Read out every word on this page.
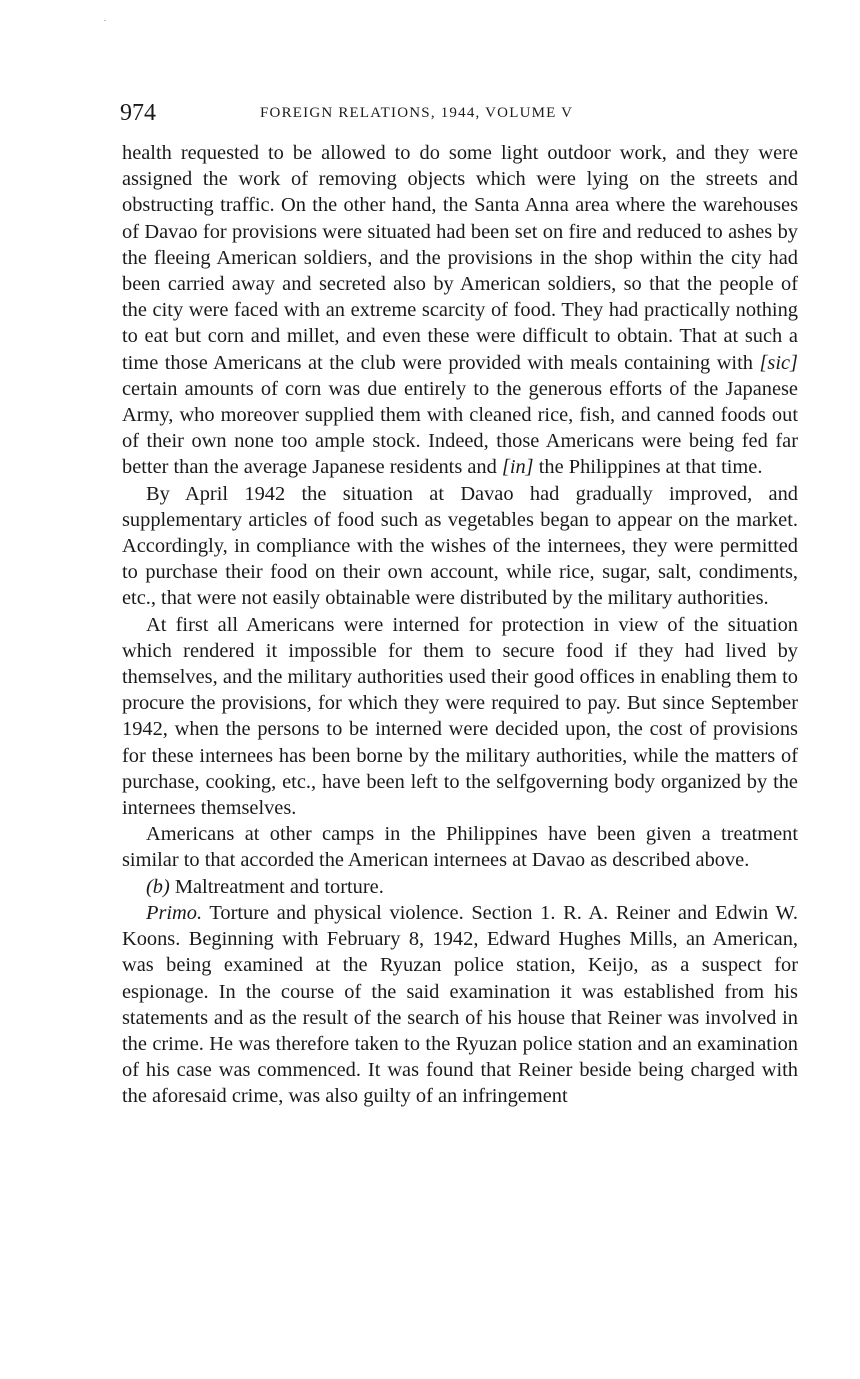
974	FOREIGN RELATIONS, 1944, VOLUME V

health requested to be allowed to do some light outdoor work, and they were assigned the work of removing objects which were lying on the streets and obstructing traffic. On the other hand, the Santa Anna area where the warehouses of Davao for provisions were situated had been set on fire and reduced to ashes by the fleeing American soldiers, and the provisions in the shop within the city had been carried away and secreted also by American soldiers, so that the people of the city were faced with an extreme scarcity of food. They had practically nothing to eat but corn and millet, and even these were difficult to obtain. That at such a time those Americans at the club were provided with meals containing with [sic] certain amounts of corn was due entirely to the generous efforts of the Japanese Army, who moreover supplied them with cleaned rice, fish, and canned foods out of their own none too ample stock. Indeed, those Americans were being fed far better than the average Japanese residents and [in] the Philippines at that time.

By April 1942 the situation at Davao had gradually improved, and supplementary articles of food such as vegetables began to appear on the market. Accordingly, in compliance with the wishes of the internees, they were permitted to purchase their food on their own account, while rice, sugar, salt, condiments, etc., that were not easily obtainable were distributed by the military authorities.

At first all Americans were interned for protection in view of the situation which rendered it impossible for them to secure food if they had lived by themselves, and the military authorities used their good offices in enabling them to procure the provisions, for which they were required to pay. But since September 1942, when the persons to be interned were decided upon, the cost of provisions for these internees has been borne by the military authorities, while the matters of purchase, cooking, etc., have been left to the selfgoverning body organized by the internees themselves.

Americans at other camps in the Philippines have been given a treatment similar to that accorded the American internees at Davao as described above.

(b) Maltreatment and torture.

Primo. Torture and physical violence. Section 1. R. A. Reiner and Edwin W. Koons. Beginning with February 8, 1942, Edward Hughes Mills, an American, was being examined at the Ryuzan police station, Keijo, as a suspect for espionage. In the course of the said examination it was established from his statements and as the result of the search of his house that Reiner was involved in the crime. He was therefore taken to the Ryuzan police station and an examination of his case was commenced. It was found that Reiner beside being charged with the aforesaid crime, was also guilty of an infringement
